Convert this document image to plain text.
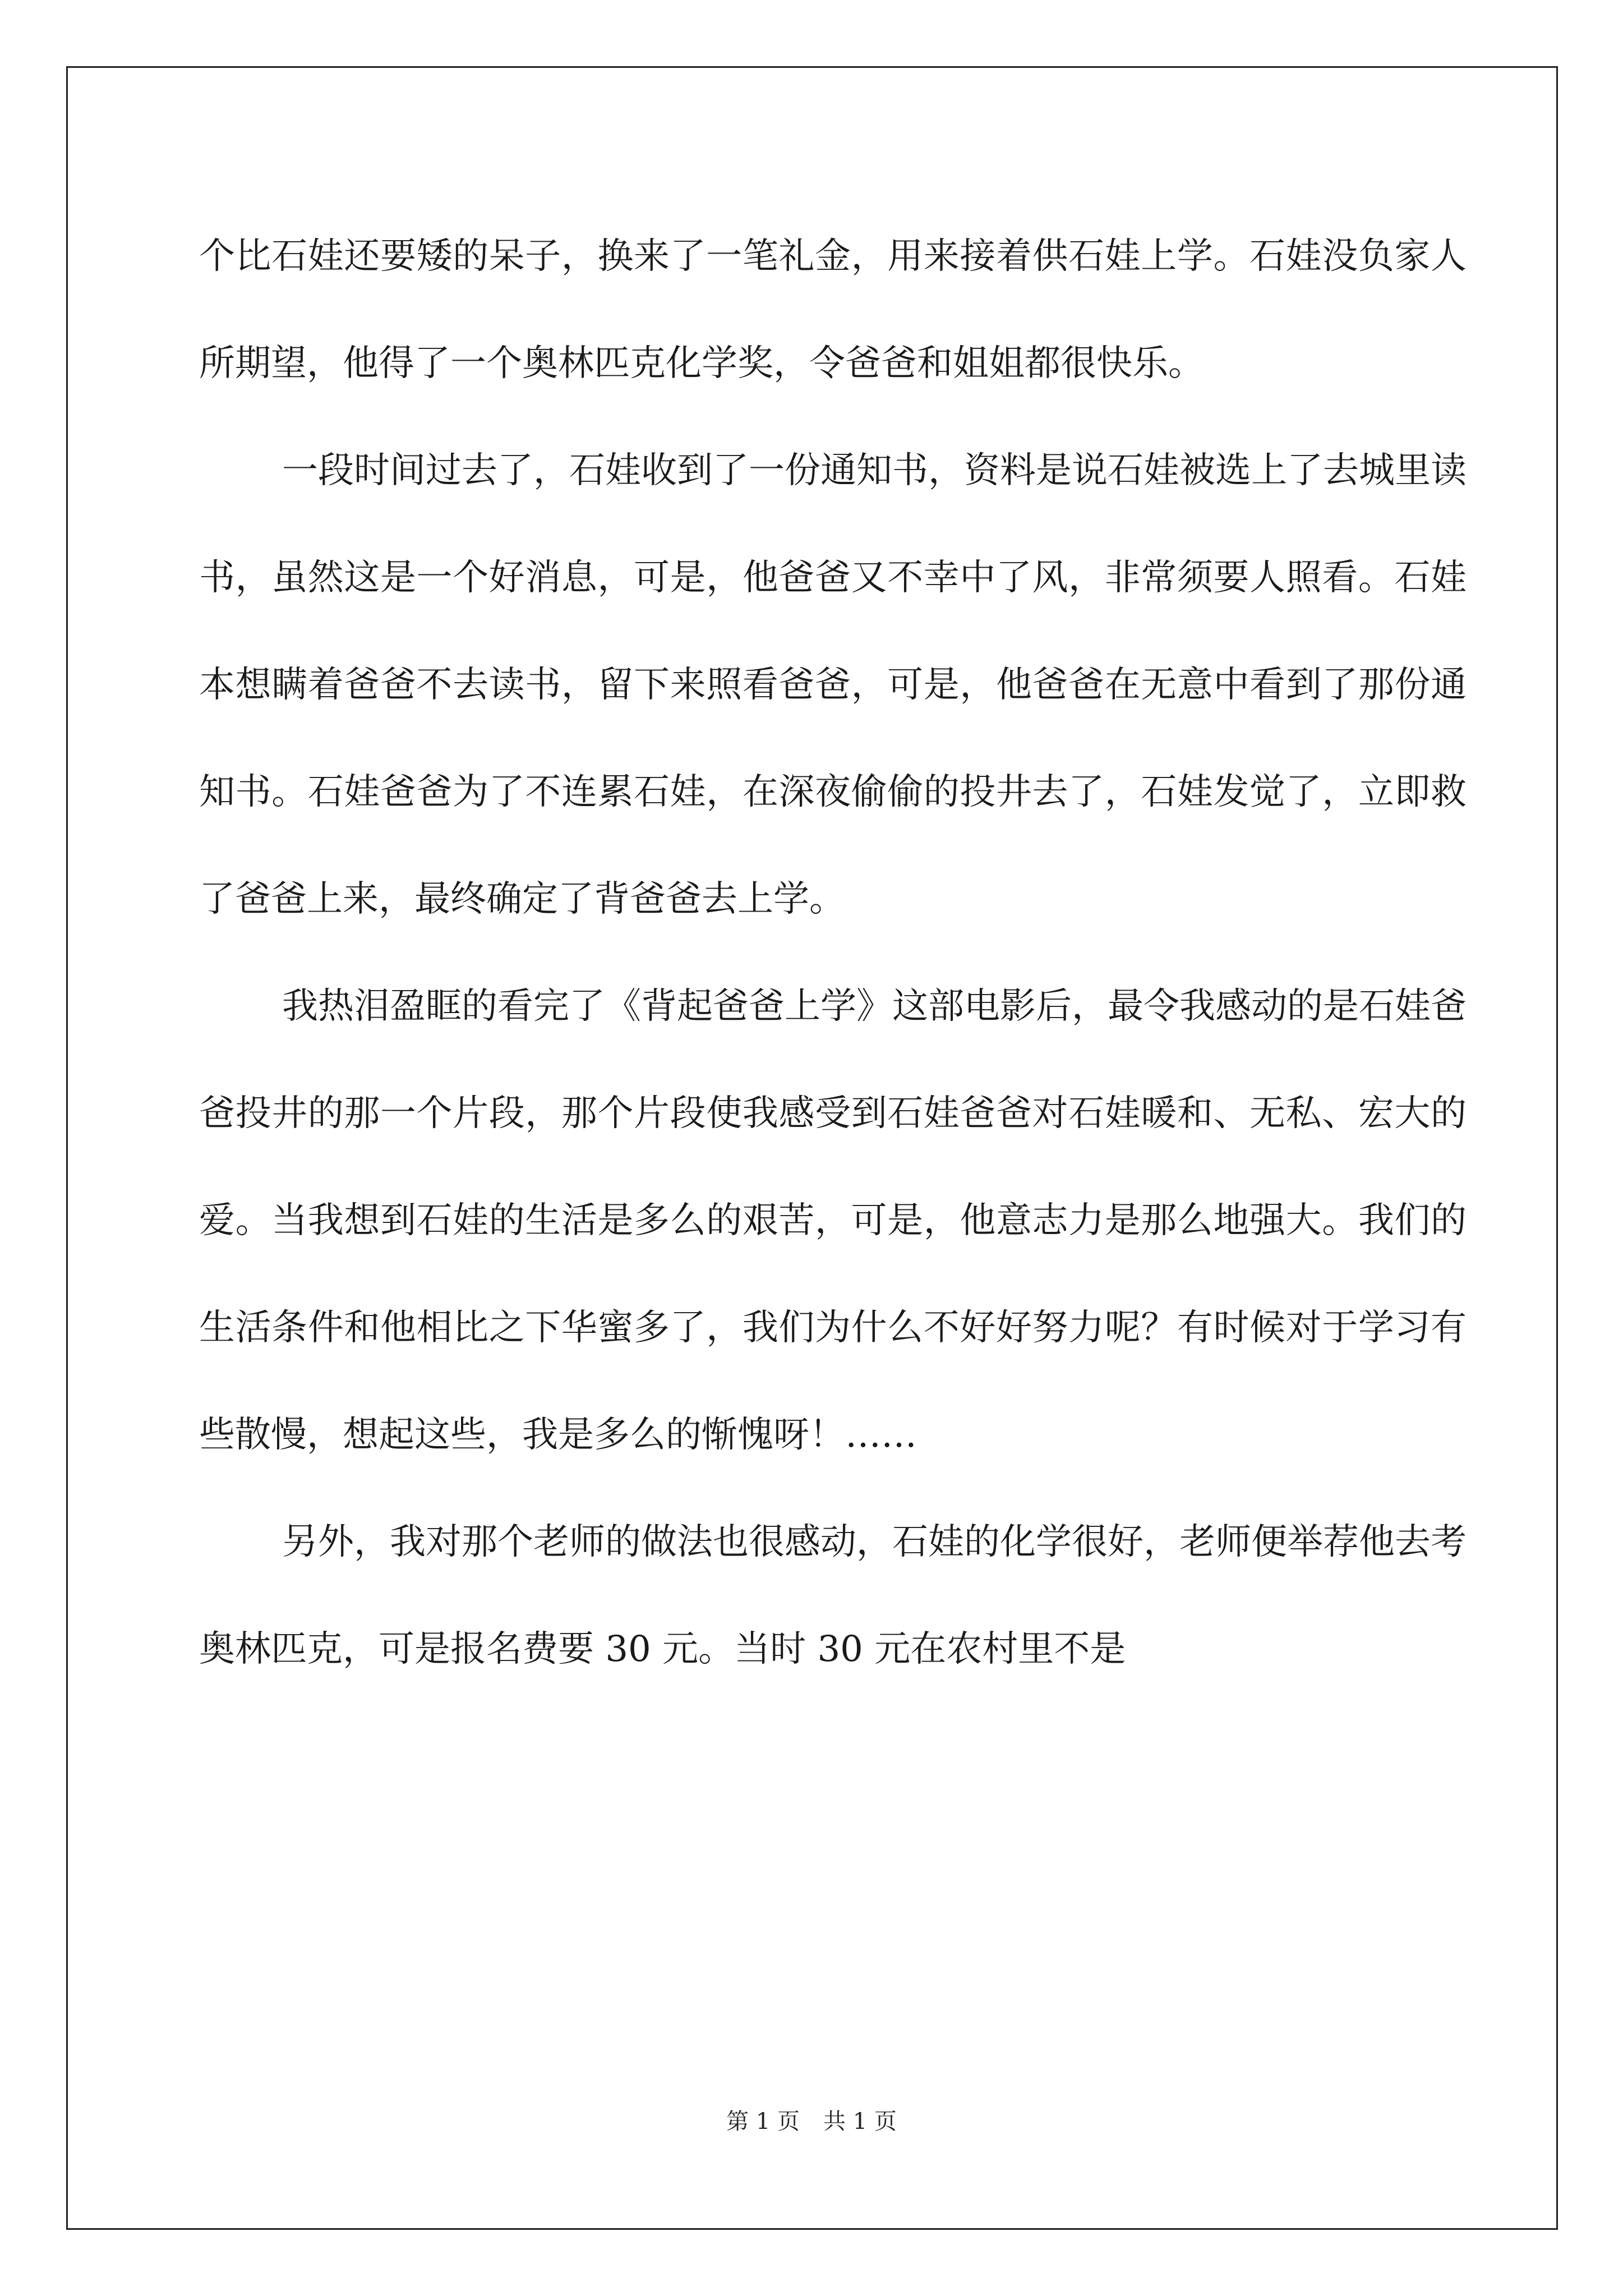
个比石娃还要矮的呆子，换来了一笔礼金，用来接着供石娃上学。石娃没负家人所期望，他得了一个奥林匹克化学奖，令爸爸和姐姐都很快乐。

一段时间过去了，石娃收到了一份通知书，资料是说石娃被选上了去城里读书，虽然这是一个好消息，可是，他爸爸又不幸中了风，非常须要人照看。石娃本想瞒着爸爸不去读书，留下来照看爸爸，可是，他爸爸在无意中看到了那份通知书。石娃爸爸为了不连累石娃，在深夜偷偷的投井去了，石娃发觉了，立即救了爸爸上来，最终确定了背爸爸去上学。

我热泪盈眶的看完了《背起爸爸上学》这部电影后，最令我感动的是石娃爸爸投井的那一个片段，那个片段使我感受到石娃爸爸对石娃暖和、无私、宏大的爱。当我想到石娃的生活是多么的艰苦，可是，他意志力是那么地强大。我们的生活条件和他相比之下华蜜多了，我们为什么不好好努力呢？有时候对于学习有些散慢，想起这些，我是多么的惭愧呀！……

另外，我对那个老师的做法也很感动，石娃的化学很好，老师便举荐他去考奥林匹克，可是报名费要 30 元。当时 30 元在农村里不是

第 1 页 共 1 页
